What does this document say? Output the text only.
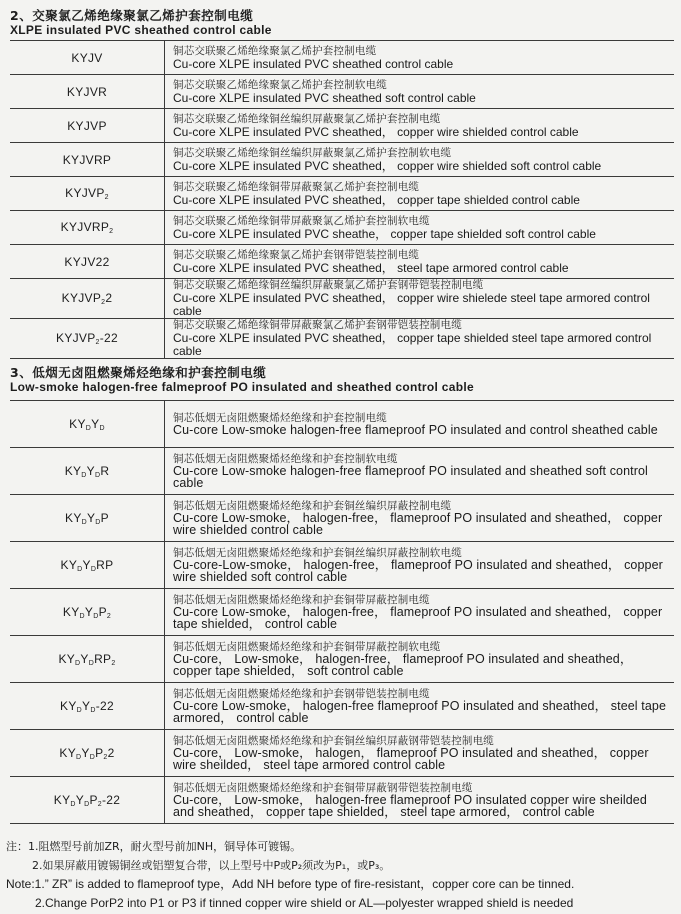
2、交聚氯乙烯绝缘聚氯乙烯护套控制电缆
XLPE insulated PVC sheathed control cable
KYJV	铜芯交联聚乙烯绝缘聚氯乙烯护套控制电缆
Cu-core XLPE insulated PVC sheathed control cable

KYJVR	铜芯交联聚乙烯绝缘聚氯乙烯护套控制软电缆
Cu-core XLPE insulated PVC sheathed soft control cable

KYJVP	铜芯交联聚乙烯绝缘铜丝编织屏蔽聚氯乙烯护套控制电缆
Cu-core XLPE insulated PVC sheathed， copper wire shielded control cable

KYJVRP	铜芯交联聚乙烯绝缘铜丝编织屏蔽聚氯乙烯护套控制软电缆
Cu-core XLPE insulated PVC sheathed， copper wire shielded soft control cable

$KYJVP_2$	铜芯交联聚乙烯绝缘铜带屏蔽聚氯乙烯护套控制电缆
Cu-core XLPE insulated PVC sheathed， copper tape shielded control cable

$KYJVRP_2$	铜芯交联聚乙烯绝缘铜带屏蔽聚氯乙烯护套控制软电缆
Cu-core XLPE insulated PVC sheathe， copper tape shielded soft control cable

KYJV22	铜芯交联聚乙烯绝缘聚氯乙烯护套钢带铠装控制电缆
Cu-core XLPE insulated PVC sheathed， steel tape armored control cable

$KYJVP_22$	铜芯交联聚乙烯绝缘铜丝编织屏蔽聚氯乙烯护套钢带铠装控制电缆
Cu-core XLPE insulated PVC sheathed， copper wire shielede steel tape armored control cable

$KYJVP_2-22$	铜芯交联聚乙烯绝缘铜带屏蔽聚氯乙烯护套钢带铠装控制电缆
Cu-core XLPE insulated PVC sheathed， copper tape shielded steel tape armored control cable
3、低烟无卤阻燃聚烯烃绝缘和护套控制电缆
Low-smoke halogen-free falmeproof PO insulated and sheathed control cable
$KY_DY_D$	铜芯低烟无卤阻燃聚烯烃绝缘和护套控制电缆
Cu-core Low-smoke halogen-free flameproof PO insulated and control sheathed cable

$KY_DY_DR$	铜芯低烟无卤阻燃聚烯烃绝缘和护套控制软电缆
Cu-core Low-smoke halogen-free flameproof PO insulated and sheathed soft control cable

$KY_DY_DP$	铜芯低烟无卤阻燃聚烯烃绝缘和护套铜丝编织屏蔽控制电缆
Cu-core Low-smoke， halogen-free， flameproof PO insulated and sheathed， copper wire shielded control cable

$KY_DY_DRP$	铜芯低烟无卤阻燃聚烯烃绝缘和护套铜丝编织屏蔽控制软电缆
Cu-core-Low-smoke， halogen-free， flameproof PO insulated and sheathed， copper wire shielded soft control cable

$KY_DY_DP_2$	铜芯低烟无卤阻燃聚烯烃绝缘和护套铜带屏蔽控制电缆
Cu-core Low-smoke， halogen-free， flameproof PO insulated and sheathed， copper tape shielded， control cable

$KY_DY_DRP_2$	铜芯低烟无卤阻燃聚烯烃绝缘和护套铜带屏蔽控制软电缆
Cu-core， Low-smoke， halogen-free， flameproof PO insulated and sheathed， copper tape shielded， soft control cable

$KY_DY_D-22$	铜芯低烟无卤阻燃聚烯烃绝缘和护套钢带铠装控制电缆
Cu-core Low-smoke， halogen-free flameproof PO insulated and sheathed， steel tape armored， control cable

$KY_DY_DP_22$	铜芯低烟无卤阻燃聚烯烃绝缘和护套铜丝编织屏蔽钢带铠装控制电缆
Cu-core， Low-smoke， halogen， flameproof PO insulated and sheathed， copper wire sheilded， steel tape armored control cable

$KY_DY_DP_2-22$	铜芯低烟无卤阻燃聚烯烃绝缘和护套铜带屏蔽钢带铠装控制电缆
Cu-core， Low-smoke， halogen-free flameproof PO insulated copper wire sheilded and sheathed， copper tape shielded， steel tape armored， control cable
注：1.阻燃型号前加ZR，耐火型号前加NH，铜导体可镀锡。
2.如果屏蔽用镀锡铜丝或铝塑复合带，以上型号中P或P₂须改为P₁，或P₃。
Note:1.” ZR” is added to flameproof type，Add NH before type of fire-resistant，copper core can be tinned.
2.Change PorP2 into P1 or P3 if tinned copper wire shield or AL—polyester wrapped shield is needed
